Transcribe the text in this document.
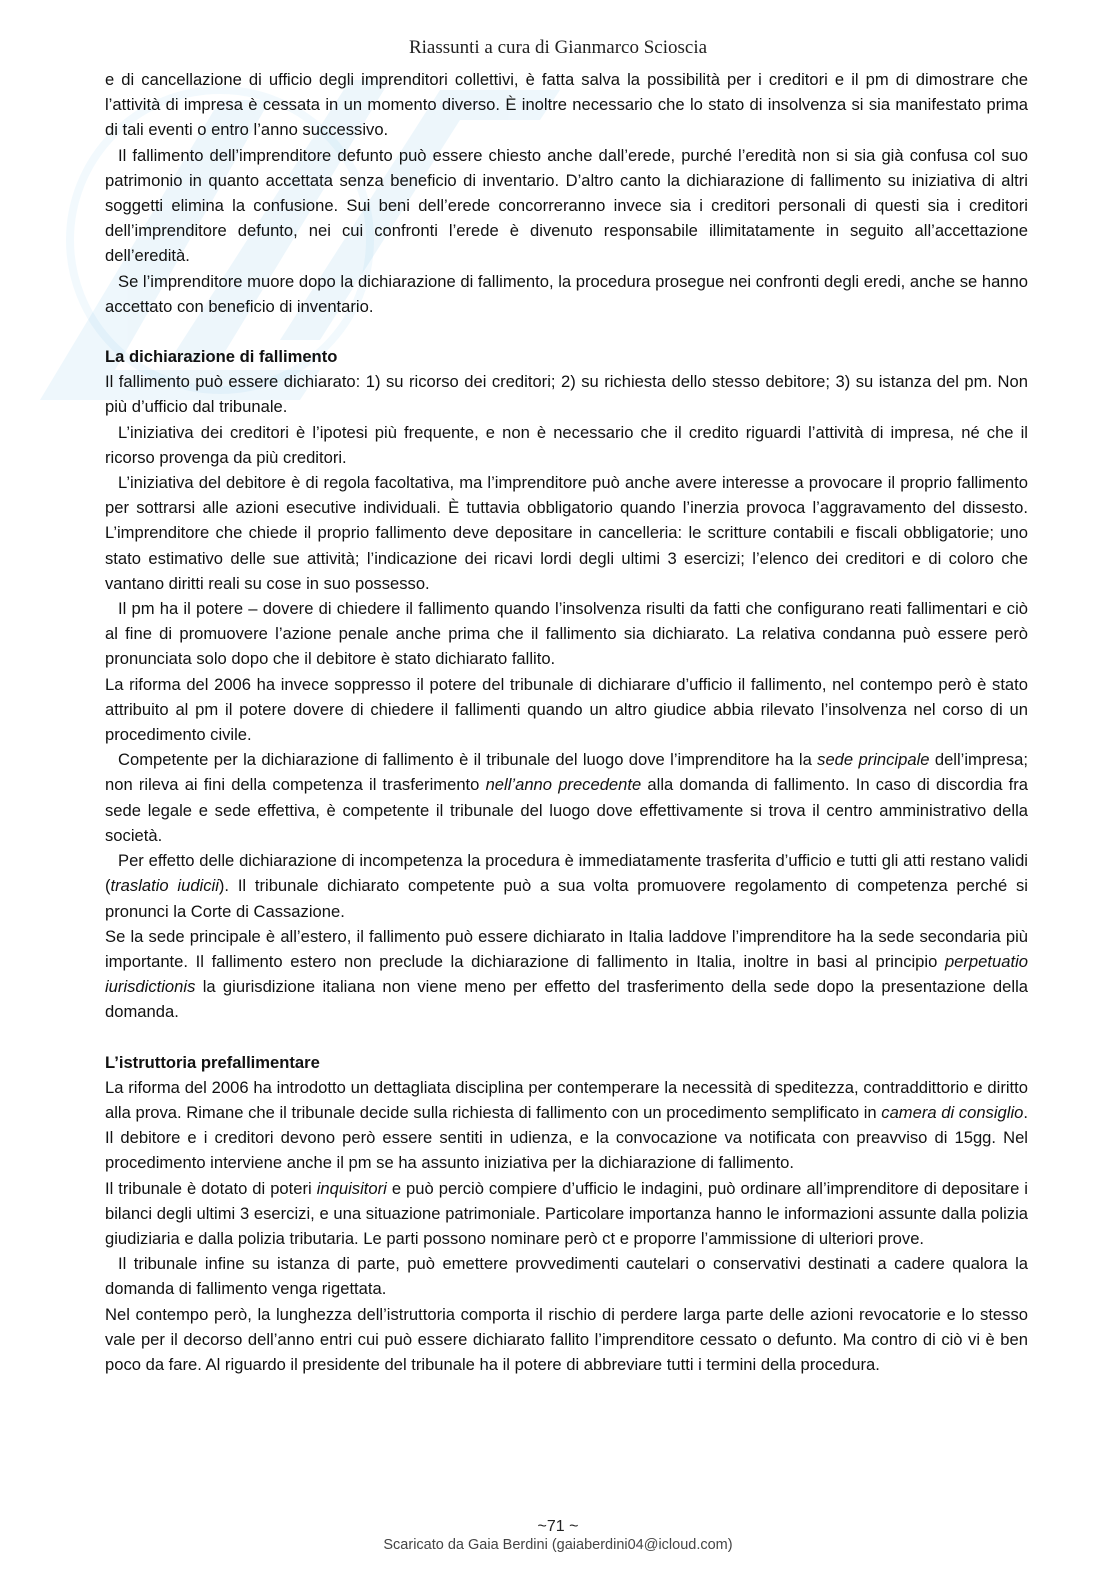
Riassunti a cura di Gianmarco Scioscia

e di cancellazione di ufficio degli imprenditori collettivi, è fatta salva la possibilità per i creditori e il pm di dimostrare che l’attività di impresa è cessata in un momento diverso. È inoltre necessario che lo stato di insolvenza si sia manifestato prima di tali eventi o entro l’anno successivo.

Il fallimento dell’imprenditore defunto può essere chiesto anche dall’erede, purché l’eredità non si sia già confusa col suo patrimonio in quanto accettata senza beneficio di inventario. D’altro canto la dichiarazione di fallimento su iniziativa di altri soggetti elimina la confusione. Sui beni dell’erede concorreranno invece sia i creditori personali di questi sia i creditori dell’imprenditore defunto, nei cui confronti l’erede è divenuto responsabile illimitatamente in seguito all’accettazione dell’eredità.

Se l’imprenditore muore dopo la dichiarazione di fallimento, la procedura prosegue nei confronti degli eredi, anche se hanno accettato con beneficio di inventario.

La dichiarazione di fallimento

Il fallimento può essere dichiarato: 1) su ricorso dei creditori; 2) su richiesta dello stesso debitore; 3) su istanza del pm. Non più d’ufficio dal tribunale.

L’iniziativa dei creditori è l’ipotesi più frequente, e non è necessario che il credito riguardi l’attività di impresa, né che il ricorso provenga da più creditori.

L’iniziativa del debitore è di regola facoltativa, ma l’imprenditore può anche avere interesse a provocare il proprio fallimento per sottrarsi alle azioni esecutive individuali. È tuttavia obbligatorio quando l’inerzia provoca l’aggravamento del dissesto. L’imprenditore che chiede il proprio fallimento deve depositare in cancelleria: le scritture contabili e fiscali obbligatorie; uno stato estimativo delle sue attività; l’indicazione dei ricavi lordi degli ultimi 3 esercizi; l’elenco dei creditori e di coloro che vantano diritti reali su cose in suo possesso.

Il pm ha il potere – dovere di chiedere il fallimento quando l’insolvenza risulti da fatti che configurano reati fallimentari e ciò al fine di promuovere l’azione penale anche prima che il fallimento sia dichiarato. La relativa condanna può essere però pronunciata solo dopo che il debitore è stato dichiarato fallito.

La riforma del 2006 ha invece soppresso il potere del tribunale di dichiarare d’ufficio il fallimento, nel contempo però è stato attribuito al pm il potere dovere di chiedere il fallimenti quando un altro giudice abbia rilevato l’insolvenza nel corso di un procedimento civile.

Competente per la dichiarazione di fallimento è il tribunale del luogo dove l’imprenditore ha la sede principale dell’impresa; non rileva ai fini della competenza il trasferimento nell’anno precedente alla domanda di fallimento. In caso di discordia fra sede legale e sede effettiva, è competente il tribunale del luogo dove effettivamente si trova il centro amministrativo della società.

Per effetto delle dichiarazione di incompetenza la procedura è immediatamente trasferita d’ufficio e tutti gli atti restano validi (traslatio iudicii). Il tribunale dichiarato competente può a sua volta promuovere regolamento di competenza perché si pronunci la Corte di Cassazione.

Se la sede principale è all’estero, il fallimento può essere dichiarato in Italia laddove l’imprenditore ha la sede secondaria più importante. Il fallimento estero non preclude la dichiarazione di fallimento in Italia, inoltre in basi al principio perpetuatio iurisdictionis la giurisdizione italiana non viene meno per effetto del trasferimento della sede dopo la presentazione della domanda.

L’istruttoria prefallimentare

La riforma del 2006 ha introdotto un dettagliata disciplina per contemperare la necessità di speditezza, contraddittorio e diritto alla prova. Rimane che il tribunale decide sulla richiesta di fallimento con un procedimento semplificato in camera di consiglio. Il debitore e i creditori devono però essere sentiti in udienza, e la convocazione va notificata con preavviso di 15gg. Nel procedimento interviene anche il pm se ha assunto iniziativa per la dichiarazione di fallimento.

Il tribunale è dotato di poteri inquisitori e può perciò compiere d’ufficio le indagini, può ordinare all’imprenditore di depositare i bilanci degli ultimi 3 esercizi, e una situazione patrimoniale. Particolare importanza hanno le informazioni assunte dalla polizia giudiziaria e dalla polizia tributaria. Le parti possono nominare però ct e proporre l’ammissione di ulteriori prove.

Il tribunale infine su istanza di parte, può emettere provvedimenti cautelari o conservativi destinati a cadere qualora la domanda di fallimento venga rigettata.

Nel contempo però, la lunghezza dell’istruttoria comporta il rischio di perdere larga parte delle azioni revocatorie e lo stesso vale per il decorso dell’anno entri cui può essere dichiarato fallito l’imprenditore cessato o defunto. Ma contro di ciò vi è ben poco da fare. Al riguardo il presidente del tribunale ha il potere di abbreviare tutti i termini della procedura.

~71 ~
Scaricato da Gaia Berdini (gaiaberdini04@icloud.com)
